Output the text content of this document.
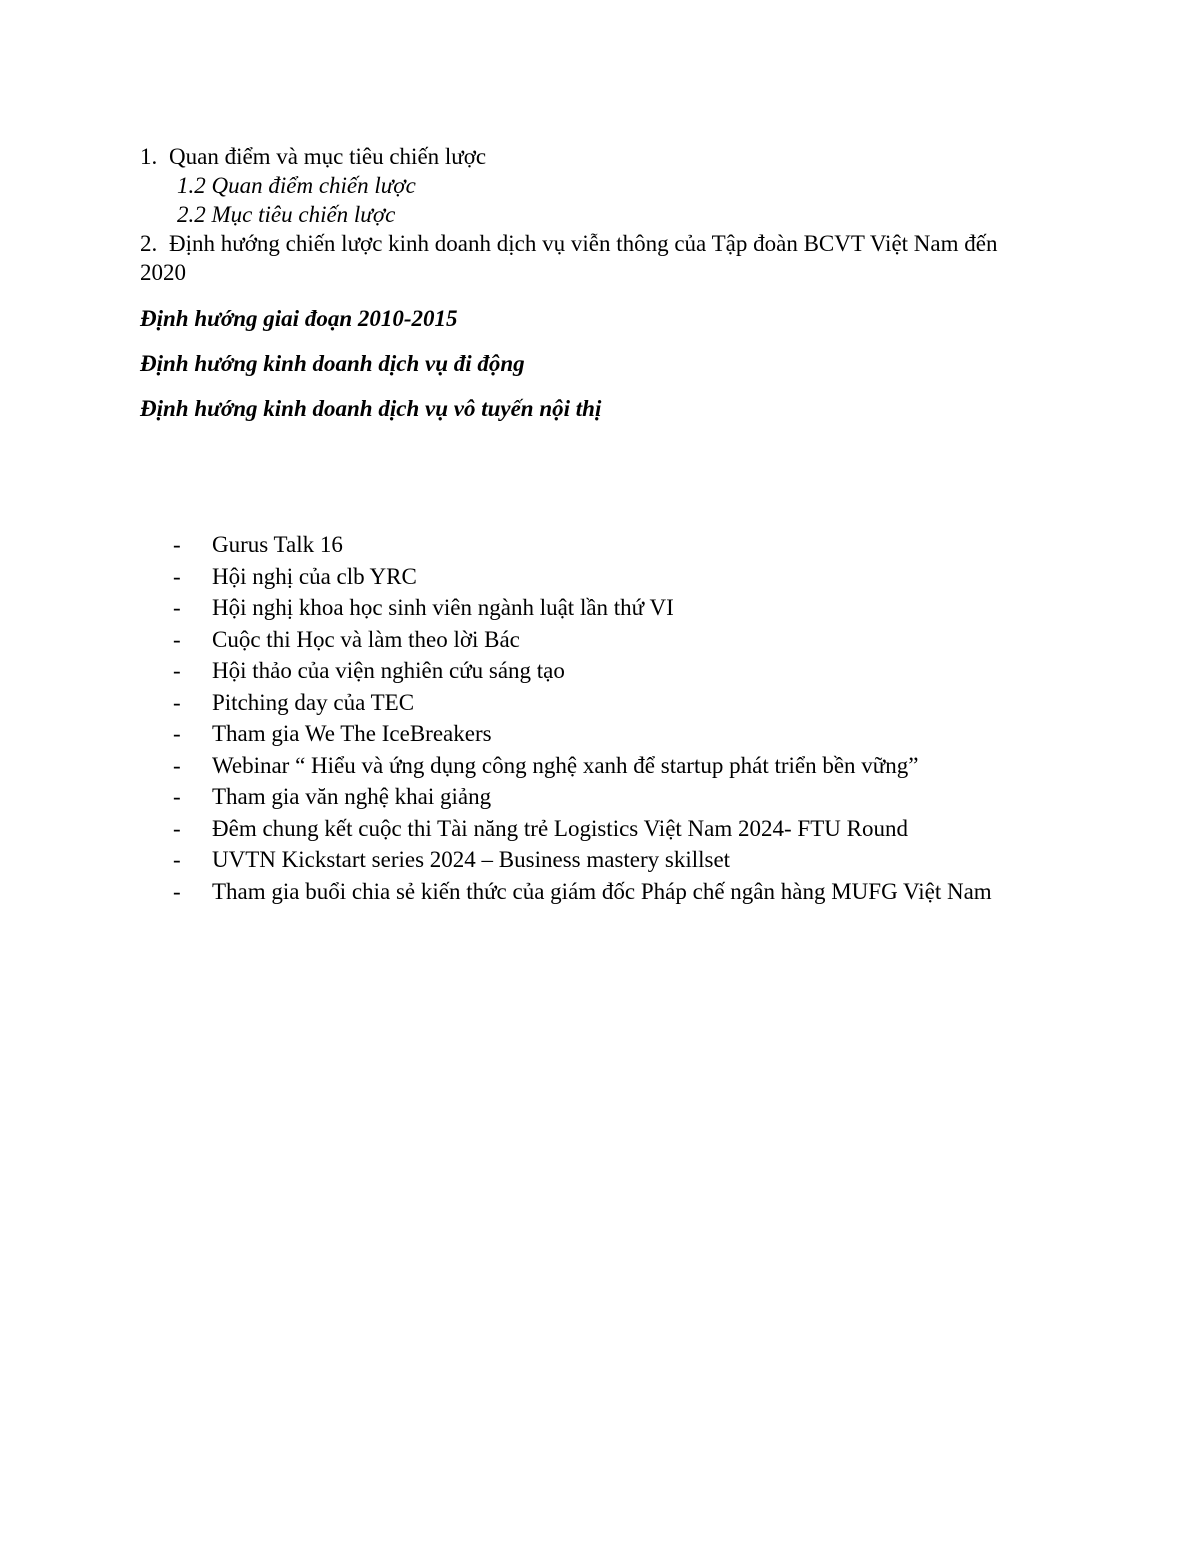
1. Quan điểm và mục tiêu chiến lược
1.2 Quan điểm chiến lược
2.2 Mục tiêu chiến lược
2. Định hướng chiến lược kinh doanh dịch vụ viễn thông của Tập đoàn BCVT Việt Nam đến 2020
Định hướng giai đoạn 2010-2015
Định hướng kinh doanh dịch vụ đi động
Định hướng kinh doanh dịch vụ vô tuyến nội thị
-	Gurus Talk 16
-	Hội nghị của clb YRC
-	Hội nghị khoa học sinh viên ngành luật lần thứ VI
-	Cuộc thi Học và làm theo lời Bác
-	Hội thảo của viện nghiên cứu sáng tạo
-	Pitching day của TEC
-	Tham gia We The IceBreakers
-	Webinar “ Hiểu và ứng dụng công nghệ xanh để startup phát triển bền vững”
-	Tham gia văn nghệ khai giảng
-	Đêm chung kết cuộc thi Tài năng trẻ Logistics Việt Nam 2024- FTU Round
-	UVTN Kickstart series 2024 – Business mastery skillset
-	Tham gia buổi chia sẻ kiến thức của giám đốc Pháp chế ngân hàng MUFG Việt Nam
